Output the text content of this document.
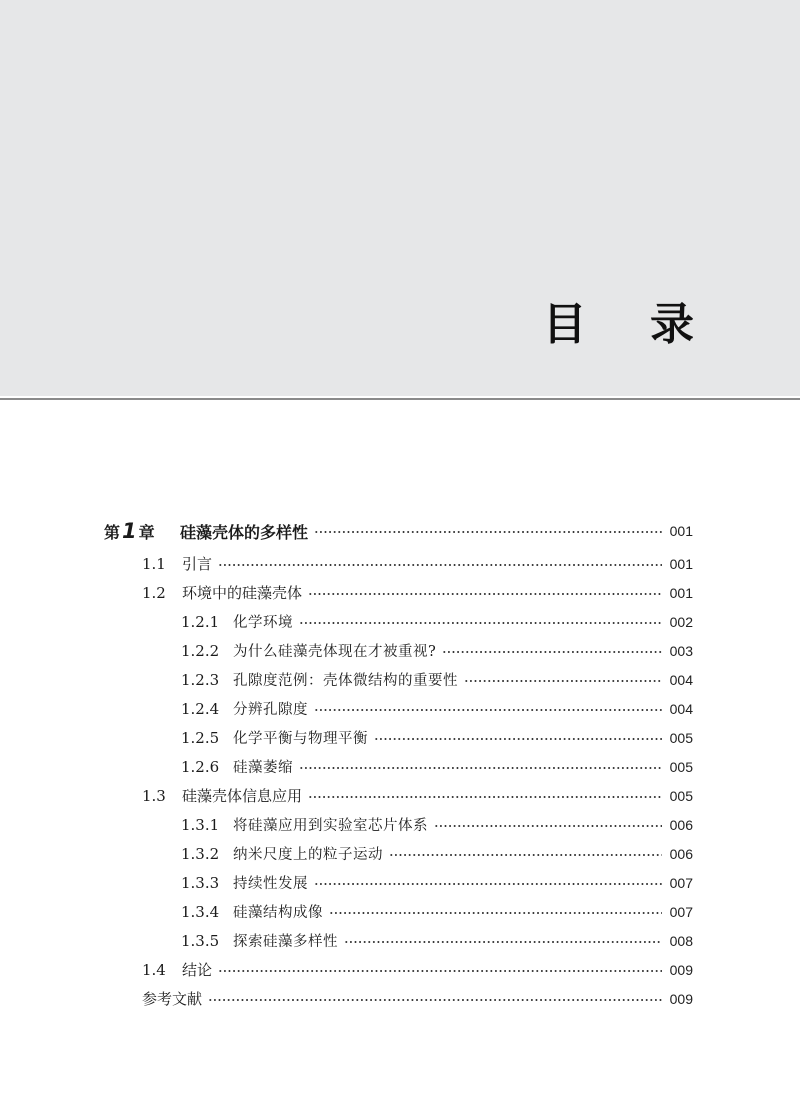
目 录
第 1 章 硅藻壳体的多样性	001
1.1	引言	001
1.2	环境中的硅藻壳体	001
1.2.1 化学环境	002
1.2.2 为什么硅藻壳体现在才被重视?	003
1.2.3 孔隙度范例：壳体微结构的重要性	004
1.2.4 分辨孔隙度	004
1.2.5 化学平衡与物理平衡	005
1.2.6 硅藻萎缩	005
1.3	硅藻壳体信息应用	005
1.3.1 将硅藻应用到实验室芯片体系	006
1.3.2 纳米尺度上的粒子运动	006
1.3.3 持续性发展	007
1.3.4 硅藻结构成像	007
1.3.5 探索硅藻多样性	008
1.4	结论	009
参考文献	009
